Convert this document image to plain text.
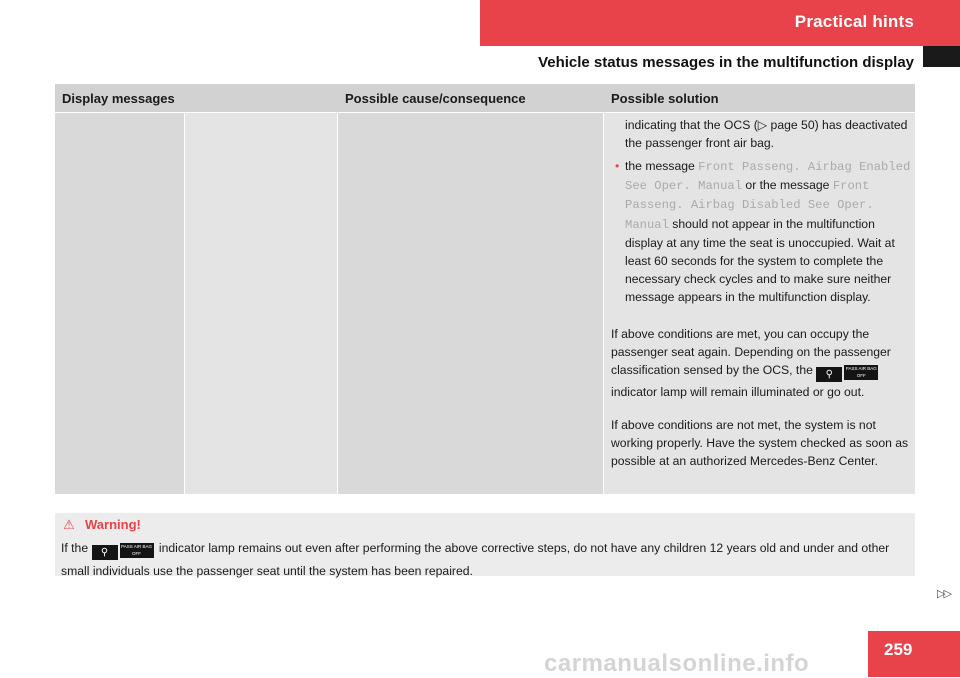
Practical hints
Vehicle status messages in the multifunction display
Display messages	Possible cause/consequence	Possible solution
indicating that the OCS (▷ page 50) has deactivated the passenger front air bag.
• the message Front Passeng. Airbag Enabled See Oper. Manual or the message Front Passeng. Airbag Disabled See Oper. Manual should not appear in the multifunction display at any time the seat is unoccupied. Wait at least 60 seconds for the system to complete the necessary check cycles and to make sure neither message appears in the multifunction display.
If above conditions are met, you can occupy the passenger seat again. Depending on the passenger classification sensed by the OCS, the ⚲PASS AIR BAG OFF indicator lamp will remain illuminated or go out.
If above conditions are not met, the system is not working properly. Have the system checked as soon as possible at an authorized Mercedes-Benz Center.
⚠ Warning!
If the ⚲PASS AIR BAG OFF indicator lamp remains out even after performing the above corrective steps, do not have any children 12 years old and under and other small individuals use the passenger seat until the system has been repaired.
▷▷
259
carmanualsonline.info
